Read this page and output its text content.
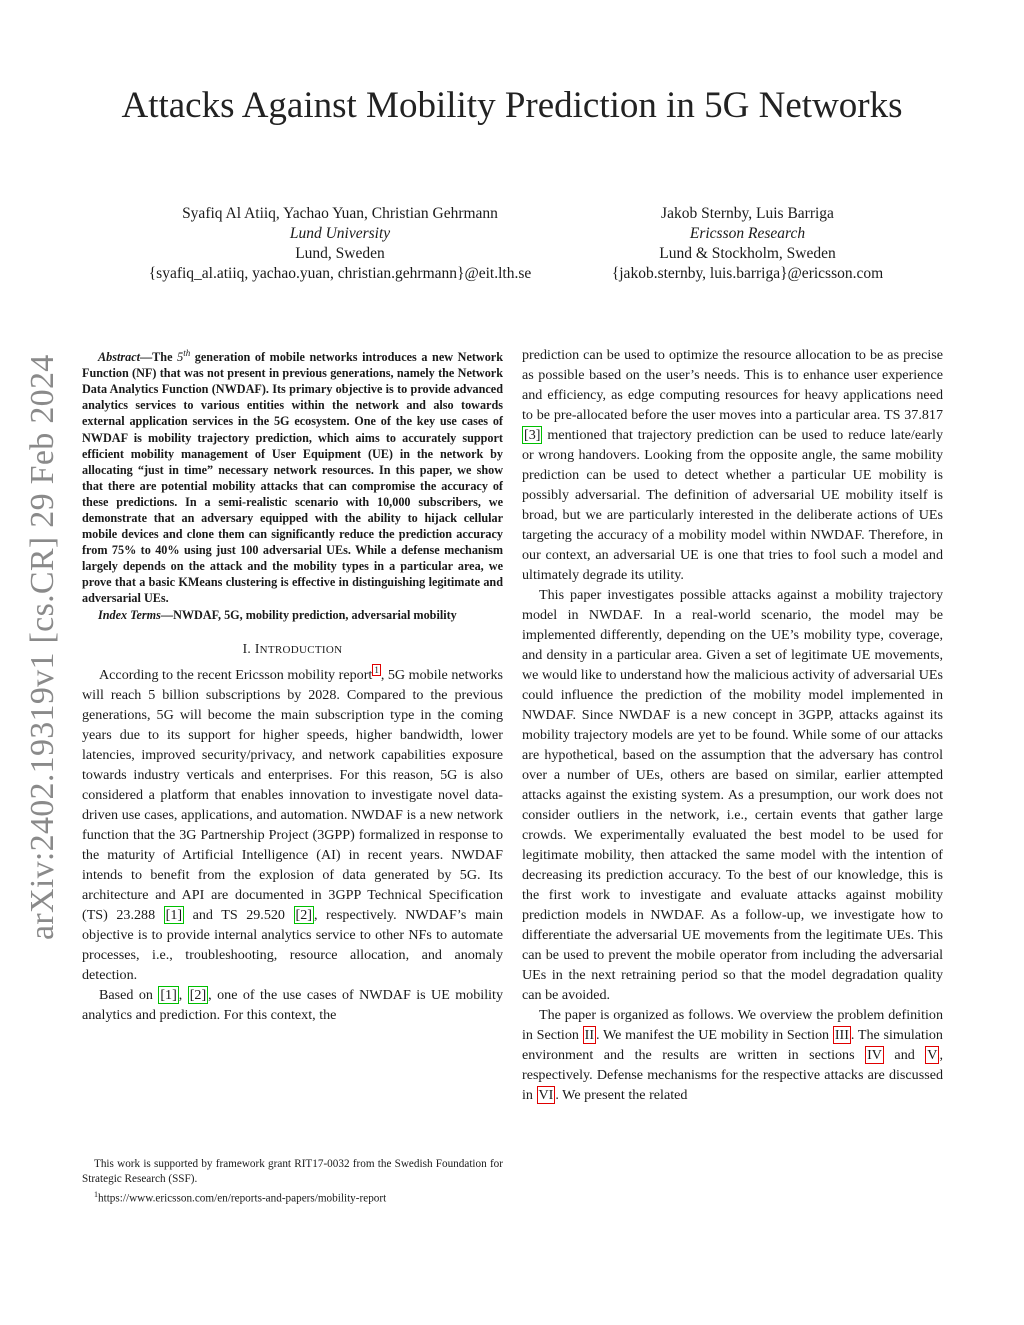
Attacks Against Mobility Prediction in 5G Networks
Syafiq Al Atiiq, Yachao Yuan, Christian Gehrmann
Lund University
Lund, Sweden
{syafiq_al.atiiq, yachao.yuan, christian.gehrmann}@eit.lth.se
Jakob Sternby, Luis Barriga
Ericsson Research
Lund & Stockholm, Sweden
{jakob.sternby, luis.barriga}@ericsson.com
arXiv:2402.19319v1 [cs.CR] 29 Feb 2024	Abstract—The 5th generation of mobile networks introduces a new Network Function (NF) that was not present in previous generations, namely the Network Data Analytics Function (NWDAF). Its primary objective is to provide advanced analytics services to various entities within the network and also towards external application services in the 5G ecosystem. One of the key use cases of NWDAF is mobility trajectory prediction, which aims to accurately support efficient mobility management of User Equipment (UE) in the network by allocating “just in time” necessary network resources. In this paper, we show that there are potential mobility attacks that can compromise the accuracy of these predictions. In a semi-realistic scenario with 10,000 subscribers, we demonstrate that an adversary equipped with the ability to hijack cellular mobile devices and clone them can significantly reduce the prediction accuracy from 75% to 40% using just 100 adversarial UEs. While a defense mechanism largely depends on the attack and the mobility types in a particular area, we prove that a basic KMeans clustering is effective in distinguishing legitimate and adversarial UEs.

Index Terms—NWDAF, 5G, mobility prediction, adversarial mobility

I. INTRODUCTION

According to the recent Ericsson mobility report $^1$ , 5G mobile networks will reach 5 billion subscriptions by 2028. Compared to the previous generations, 5G will become the main subscription type in the coming years due to its support for higher speeds, higher bandwidth, lower latencies, improved security/privacy, and network capabilities exposure towards industry verticals and enterprises. For this reason, 5G is also considered a platform that enables innovation to investigate novel data-driven use cases, applications, and automation. NWDAF is a new network function that the 3G Partnership Project (3GPP) formalized in response to the maturity of Artificial Intelligence (AI) in recent years. NWDAF intends to benefit from the explosion of data generated by 5G. Its architecture and API are documented in 3GPP Technical Specification (TS) 23.288 [1] and TS 29.520 [2] , respectively. NWDAF’s main objective is to provide internal analytics service to other NFs to automate processes, i.e., troubleshooting, resource allocation, and anomaly detection.

Based on [1] , [2] , one of the use cases of NWDAF is UE mobility analytics and prediction. For this context, the

This work is supported by framework grant RIT17-0032 from the Swedish Foundation for Strategic Research (SSF).

$^1$https://www.ericsson.com/en/reports-and-papers/mobility-report

prediction can be used to optimize the resource allocation to be as precise as possible based on the user’s needs. This is to enhance user experience and efficiency, as edge computing resources for heavy applications need to be pre-allocated before the user moves into a particular area. TS 37.817 [3] mentioned that trajectory prediction can be used to reduce late/early or wrong handovers. Looking from the opposite angle, the same mobility prediction can be used to detect whether a particular UE mobility is possibly adversarial. The definition of adversarial UE mobility itself is broad, but we are particularly interested in the deliberate actions of UEs targeting the accuracy of a mobility model within NWDAF. Therefore, in our context, an adversarial UE is one that tries to fool such a model and ultimately degrade its utility.

This paper investigates possible attacks against a mobility trajectory model in NWDAF. In a real-world scenario, the model may be implemented differently, depending on the UE’s mobility type, coverage, and density in a particular area. Given a set of legitimate UE movements, we would like to understand how the malicious activity of adversarial UEs could influence the prediction of the mobility model implemented in NWDAF. Since NWDAF is a new concept in 3GPP, attacks against its mobility trajectory models are yet to be found. While some of our attacks are hypothetical, based on the assumption that the adversary has control over a number of UEs, others are based on similar, earlier attempted attacks against the existing system. As a presumption, our work does not consider outliers in the network, i.e., certain events that gather large crowds. We experimentally evaluated the best model to be used for legitimate mobility, then attacked the same model with the intention of decreasing its prediction accuracy. To the best of our knowledge, this is the first work to investigate and evaluate attacks against mobility prediction models in NWDAF. As a follow-up, we investigate how to differentiate the adversarial UE movements from the legitimate UEs. This can be used to prevent the mobile operator from including the adversarial UEs in the next retraining period so that the model degradation quality can be avoided.

The paper is organized as follows. We overview the problem definition in Section II . We manifest the UE mobility in Section III . The simulation environment and the results are written in sections IV and V , respectively. Defense mechanisms for the respective attacks are discussed in VI . We present the related
